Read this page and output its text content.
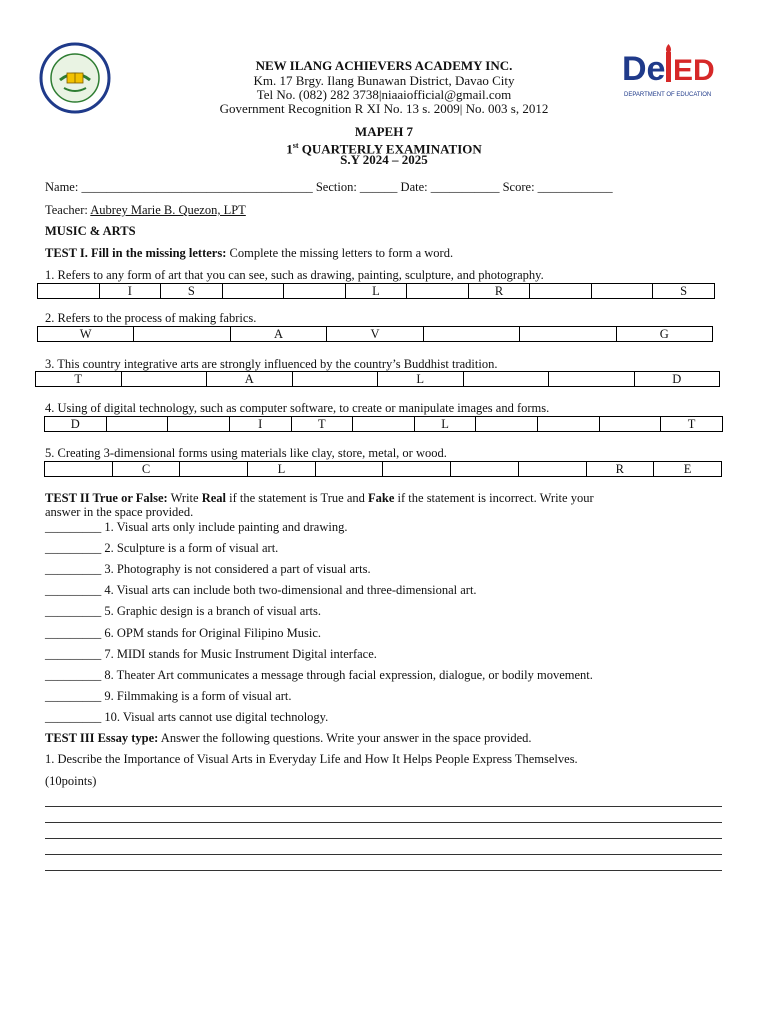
De ED
DEPARTMENT OF EDUCATION
NEW ILANG ACHIEVERS ACADEMY INC.
Km. 17 Brgy. Ilang Bunawan District, Davao City
Tel No. (082) 282 3738|niaaiofficial@gmail.com
Government Recognition R XI No. 13 s. 2009| No. 003 s, 2012
MAPEH 7
1st QUARTERLY EXAMINATION
S.Y 2024 – 2025
Name: _____________________________________ Section: ______ Date: ___________ Score: ____________
Teacher: Aubrey Marie B. Quezon, LPT
MUSIC & ARTS
TEST I. Fill in the missing letters: Complete the missing letters to form a word.
1. Refers to any form of art that you can see, such as drawing, painting, sculpture, and photography.
	I	S			L		R			S
2. Refers to the process of making fabrics.
W		A	V			G
3. This country integrative arts are strongly influenced by the country’s Buddhist tradition.
T		A		L			D
4. Using of digital technology, such as computer software, to create or manipulate images and forms.
D			I	T		L				T
5. Creating 3-dimensional forms using materials like clay, store, metal, or wood.
	C		L					R	E
TEST II True or False: Write Real if the statement is True and Fake if the statement is incorrect. Write your
answer in the space provided.
_________ 1. Visual arts only include painting and drawing.
_________ 2. Sculpture is a form of visual art.
_________ 3. Photography is not considered a part of visual arts.
_________ 4. Visual arts can include both two-dimensional and three-dimensional art.
_________ 5. Graphic design is a branch of visual arts.
_________ 6. OPM stands for Original Filipino Music.
_________ 7. MIDI stands for Music Instrument Digital interface.
_________ 8. Theater Art communicates a message through facial expression, dialogue, or bodily movement.
_________ 9. Filmmaking is a form of visual art.
_________ 10. Visual arts cannot use digital technology.
TEST III Essay type: Answer the following questions. Write your answer in the space provided.
1. Describe the Importance of Visual Arts in Everyday Life and How It Helps People Express Themselves.
(10points)
